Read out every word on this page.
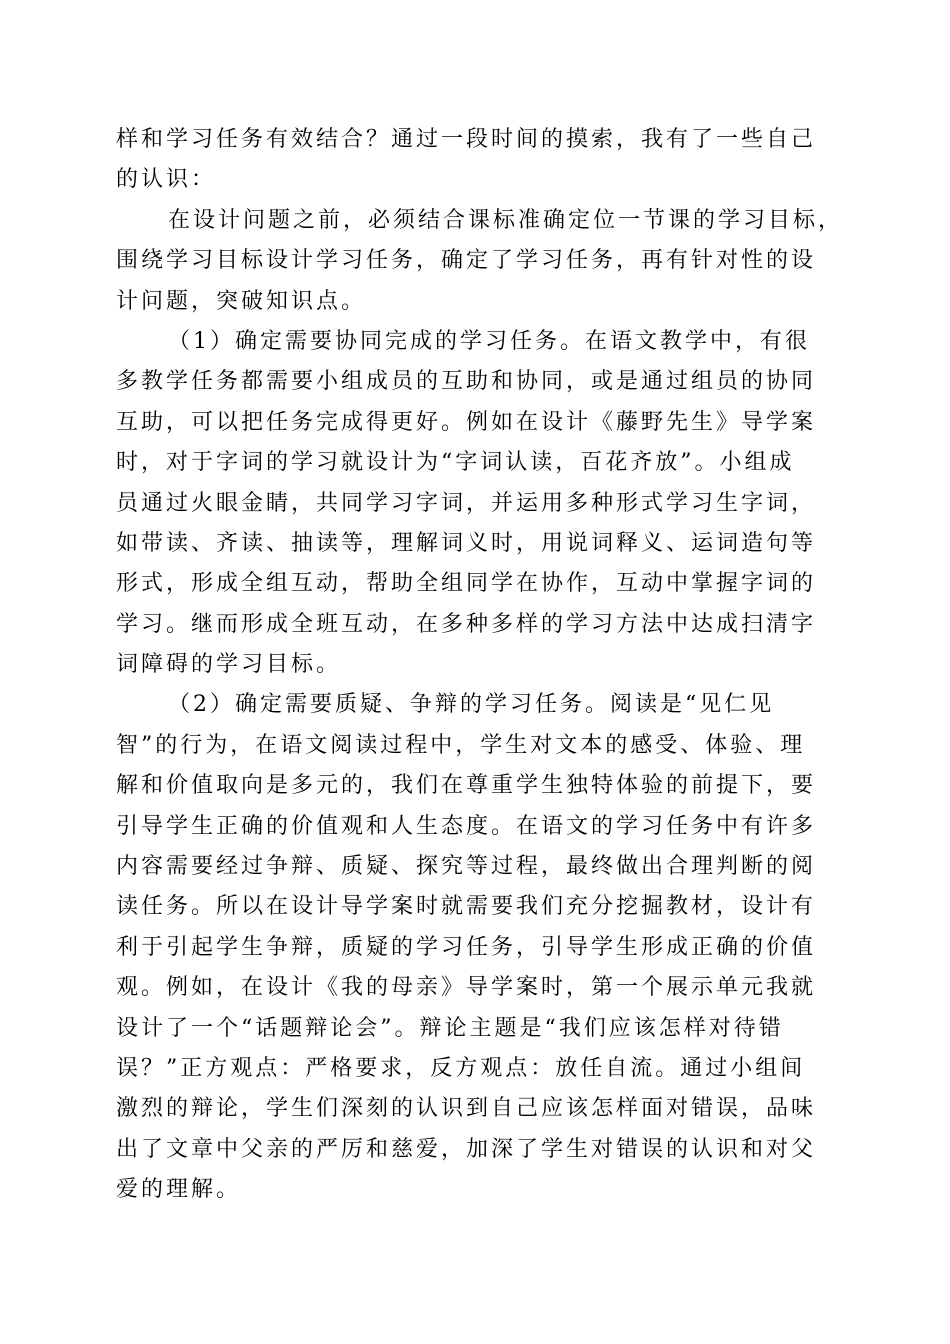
样和学习任务有效结合？通过一段时间的摸索，我有了一些自己
的认识：
在设计问题之前，必须结合课标准确定位一节课的学习目标，
围绕学习目标设计学习任务，确定了学习任务，再有针对性的设
计问题，突破知识点。
（1）确定需要协同完成的学习任务。在语文教学中，有很
多教学任务都需要小组成员的互助和协同，或是通过组员的协同
互助，可以把任务完成得更好。例如在设计《藤野先生》导学案
时，对于字词的学习就设计为“字词认读，百花齐放”。小组成
员通过火眼金睛，共同学习字词，并运用多种形式学习生字词，
如带读、齐读、抽读等，理解词义时，用说词释义、运词造句等
形式，形成全组互动，帮助全组同学在协作，互动中掌握字词的
学习。继而形成全班互动，在多种多样的学习方法中达成扫清字
词障碍的学习目标。
（2）确定需要质疑、争辩的学习任务。阅读是“见仁见
智”的行为，在语文阅读过程中，学生对文本的感受、体验、理
解和价值取向是多元的，我们在尊重学生独特体验的前提下，要
引导学生正确的价值观和人生态度。在语文的学习任务中有许多
内容需要经过争辩、质疑、探究等过程，最终做出合理判断的阅
读任务。所以在设计导学案时就需要我们充分挖掘教材，设计有
利于引起学生争辩，质疑的学习任务，引导学生形成正确的价值
观。例如，在设计《我的母亲》导学案时，第一个展示单元我就
设计了一个“话题辩论会”。辩论主题是“我们应该怎样对待错
误？”正方观点：严格要求，反方观点：放任自流。通过小组间
激烈的辩论，学生们深刻的认识到自己应该怎样面对错误，品味
出了文章中父亲的严厉和慈爱，加深了学生对错误的认识和对父
爱的理解。
